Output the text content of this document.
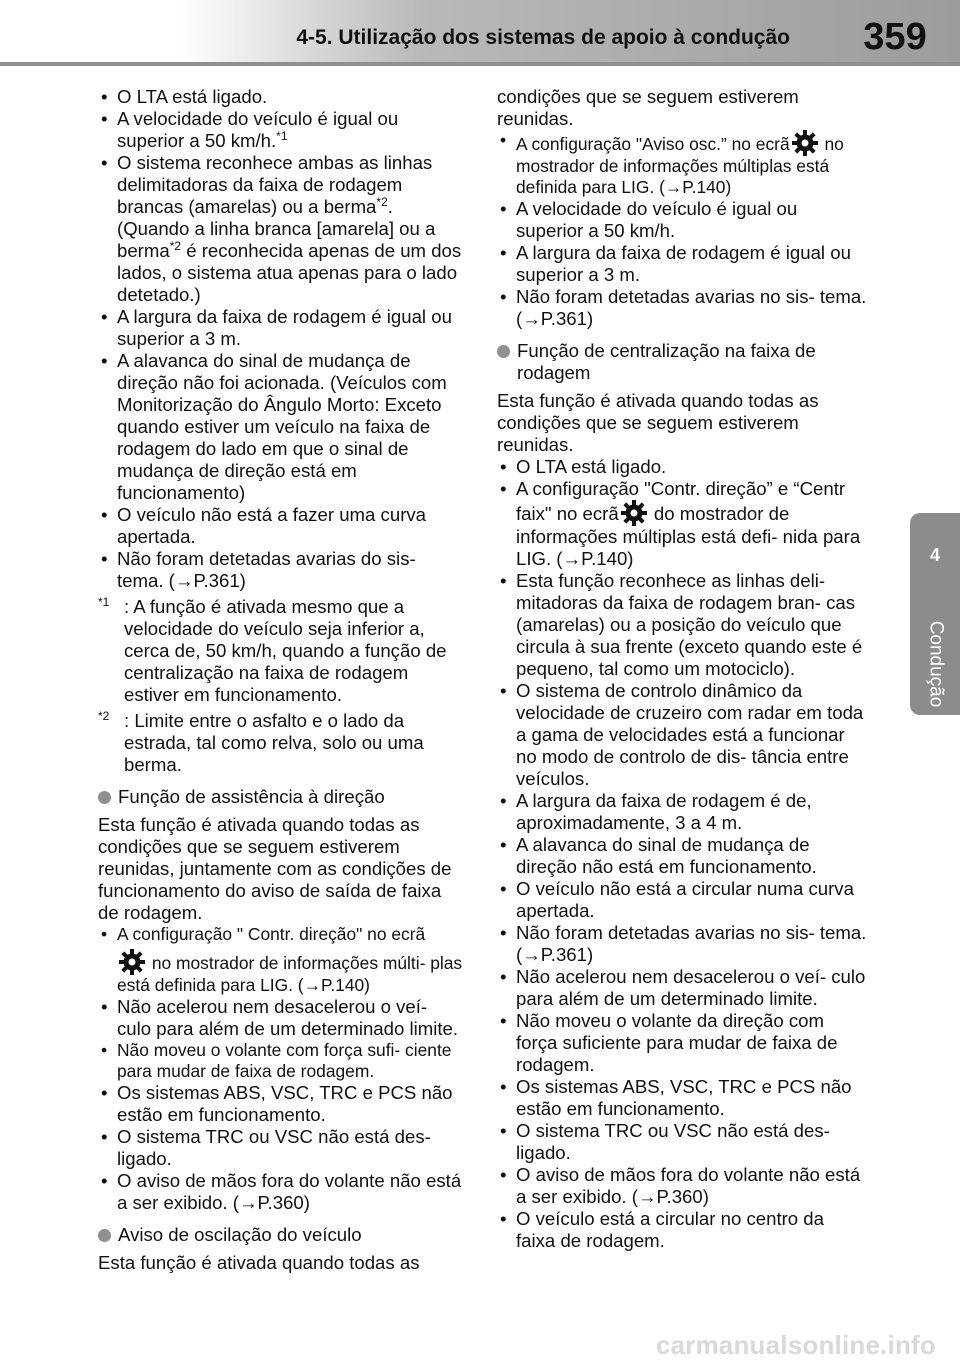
4-5. Utilização dos sistemas de apoio à condução	359
4
Condução
• O LTA está ligado.
• A velocidade do veículo é igual ou superior a 50 km/h.$^{*1}$
• O sistema reconhece ambas as linhas delimitadoras da faixa de rodagem brancas (amarelas) ou a berma$^{*2}$.
(Quando a linha branca [amarela] ou a berma$^{*2}$ é reconhecida apenas de um dos lados, o sistema atua apenas para o lado detetado.)
• A largura da faixa de rodagem é igual ou superior a 3 m.
• A alavanca do sinal de mudança de direção não foi acionada. (Veículos com Monitorização do Ângulo Morto: Exceto quando estiver um veículo na faixa de rodagem do lado em que o sinal de mudança de direção está em funcionamento)
• O veículo não está a fazer uma curva apertada.
• Não foram detetadas avarias do sis- tema. (→P.361)
$^{*1}$ : A função é ativada mesmo que a velocidade do veículo seja inferior a, cerca de, 50 km/h, quando a função de centralização na faixa de rodagem estiver em funcionamento.
$^{*2}$ : Limite entre o asfalto e o lado da estrada, tal como relva, solo ou uma berma.
Função de assistência à direção
Esta função é ativada quando todas as condições que se seguem estiverem reunidas, juntamente com as condições de funcionamento do aviso de saída de faixa de rodagem.
• A configuração " Contr. direção" no ecrã

no mostrador de informações múlti- plas está definida para LIG. (→P.140)
• Não acelerou nem desacelerou o veí- culo para além de um determinado limite.
• Não moveu o volante com força sufi- ciente para mudar de faixa de rodagem.
• Os sistemas ABS, VSC, TRC e PCS não estão em funcionamento.
• O sistema TRC ou VSC não está des- ligado.
• O aviso de mãos fora do volante não está a ser exibido. (→P.360)
Aviso de oscilação do veículo
Esta função é ativada quando todas as
condições que se seguem estiverem reunidas.
• A configuração "Aviso osc.” no ecrã
no mostrador de informações múltiplas está definida para LIG. (→P.140)
• A velocidade do veículo é igual ou superior a 50 km/h.
• A largura da faixa de rodagem é igual ou superior a 3 m.
• Não foram detetadas avarias no sis- tema. (→P.361)
Função de centralização na faixa de rodagem
Esta função é ativada quando todas as condições que se seguem estiverem reunidas.
• O LTA está ligado.
• A configuração "Contr. direção” e “Centr faix" no ecrã
do mostrador de informações múltiplas está defi- nida para LIG. (→P.140)
• Esta função reconhece as linhas deli- mitadoras da faixa de rodagem bran- cas (amarelas) ou a posição do veículo que circula à sua frente (exceto quando este é pequeno, tal como um motociclo).
• O sistema de controlo dinâmico da velocidade de cruzeiro com radar em toda a gama de velocidades está a funcionar no modo de controlo de dis- tância entre veículos.
• A largura da faixa de rodagem é de, aproximadamente, 3 a 4 m.
• A alavanca do sinal de mudança de direção não está em funcionamento.
• O veículo não está a circular numa curva apertada.
• Não foram detetadas avarias no sis- tema. (→P.361)
• Não acelerou nem desacelerou o veí- culo para além de um determinado limite.
• Não moveu o volante da direção com força suficiente para mudar de faixa de rodagem.
• Os sistemas ABS, VSC, TRC e PCS não estão em funcionamento.
• O sistema TRC ou VSC não está des- ligado.
• O aviso de mãos fora do volante não está a ser exibido. (→P.360)
• O veículo está a circular no centro da faixa de rodagem.
carmanualsonline.info
